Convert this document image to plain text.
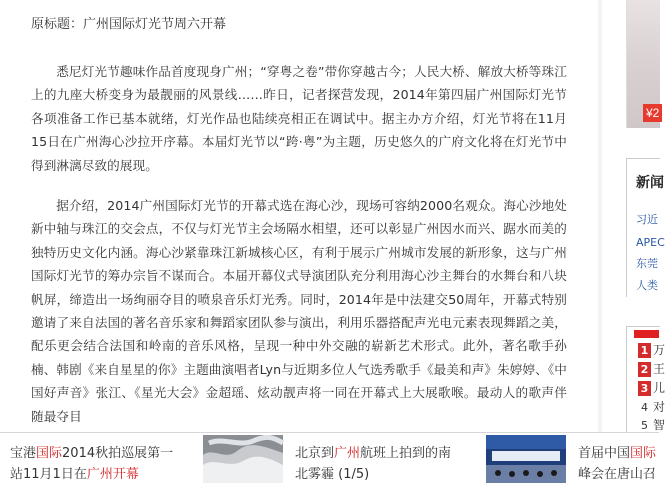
原标题：广州国际灯光节周六开幕

悉尼灯光节趣味作品首度现身广州；“穿粤之卷”带你穿越古今；人民大桥、解放大桥等珠江上的九座大桥变身为最靓丽的风景线……昨日，记者探营发现，2014年第四届广州国际灯光节各项准备工作已基本就绪，灯光作品也陆续亮相正在调试中。据主办方介绍，灯光节将在11月15日在广州海心沙拉开序幕。本届灯光节以“跨·粤”为主题，历史悠久的广府文化将在灯光节中得到淋漓尽致的展现。

据介绍，2014广州国际灯光节的开幕式选在海心沙，现场可容纳2000名观众。海心沙地处新中轴与珠江的交会点，不仅与灯光节主会场隔水相望，还可以彰显广州因水而兴、踞水而美的独特历史文化内涵。海心沙紧靠珠江新城核心区，有利于展示广州城市发展的新形象，这与广州国际灯光节的筹办宗旨不谋而合。本届开幕仪式导演团队充分利用海心沙主舞台的水舞台和八块帆屏，缔造出一场绚丽夺目的喷泉音乐灯光秀。同时，2014年是中法建交50周年，开幕式特别邀请了来自法国的著名音乐家和舞蹈家团队参与演出，利用乐器搭配声光电元素表现舞蹈之美，配乐更会结合法国和岭南的音乐风格，呈现一种中外交融的崭新艺术形式。此外，著名歌手孙楠、韩剧《来自星星的你》主题曲演唱者Lyn与近期多位人气选秀歌手《最美和声》朱婷婷、《中国好声音》张江、《星光大会》金超瑶、炫动靓声将一同在开幕式上大展歌喉。最动人的歌声伴随最夺目

¥2
习近
APEC
东莞
人类
新闻
1 万
2 王
3 儿
4 对
5 智
宝港国际2014秋拍巡展第一
站11月1日在广州开幕
北京到广州航班上拍到的南
北雾霾 (1/5)
首届中国国际
峰会在唐山召
